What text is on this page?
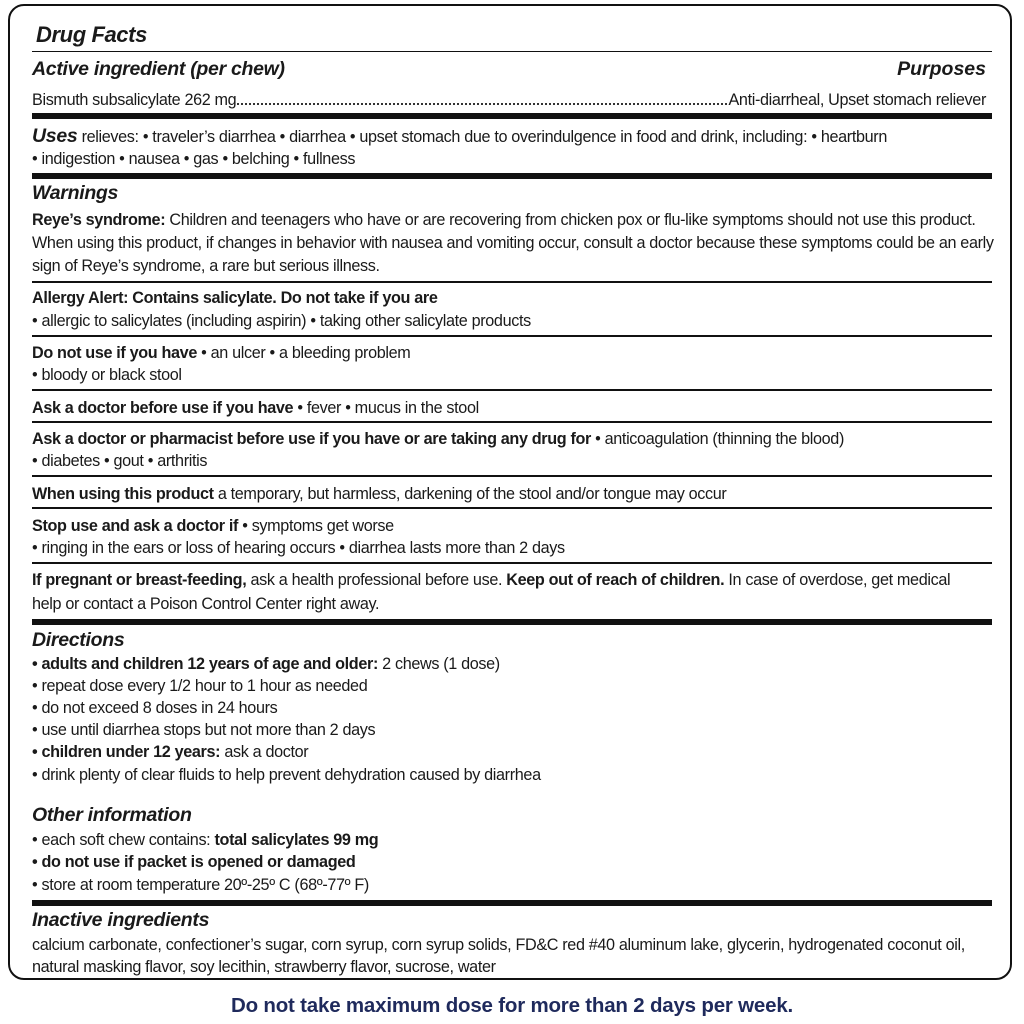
Drug Facts
Active ingredient (per chew)	Purposes
Bismuth subsalicylate 262 mg	Anti-diarrheal, Upset stomach reliever
Uses relieves: • traveler’s diarrhea • diarrhea • upset stomach due to overindulgence in food and drink, including: • heartburn
• indigestion • nausea • gas • belching • fullness
Warnings
Reye’s syndrome: Children and teenagers who have or are recovering from chicken pox or flu-like symptoms should not use this product.
When using this product, if changes in behavior with nausea and vomiting occur, consult a doctor because these symptoms could be an early
sign of Reye’s syndrome, a rare but serious illness.
Allergy Alert: Contains salicylate. Do not take if you are
• allergic to salicylates (including aspirin) • taking other salicylate products
Do not use if you have • an ulcer • a bleeding problem
• bloody or black stool
Ask a doctor before use if you have • fever • mucus in the stool
Ask a doctor or pharmacist before use if you have or are taking any drug for • anticoagulation (thinning the blood)
• diabetes • gout • arthritis
When using this product a temporary, but harmless, darkening of the stool and/or tongue may occur
Stop use and ask a doctor if • symptoms get worse
• ringing in the ears or loss of hearing occurs • diarrhea lasts more than 2 days
If pregnant or breast-feeding, ask a health professional before use. Keep out of reach of children. In case of overdose, get medical
help or contact a Poison Control Center right away.
Directions
• adults and children 12 years of age and older: 2 chews (1 dose)
• repeat dose every 1/2 hour to 1 hour as needed
• do not exceed 8 doses in 24 hours
• use until diarrhea stops but not more than 2 days
• children under 12 years: ask a doctor
• drink plenty of clear fluids to help prevent dehydration caused by diarrhea
Other information
• each soft chew contains: total salicylates 99 mg
• do not use if packet is opened or damaged
• store at room temperature 20º-25º C (68º-77º F)
Inactive ingredients
calcium carbonate, confectioner’s sugar, corn syrup, corn syrup solids, FD&C red #40 aluminum lake, glycerin, hydrogenated coconut oil,
natural masking flavor, soy lecithin, strawberry flavor, sucrose, water
Do not take maximum dose for more than 2 days per week.
